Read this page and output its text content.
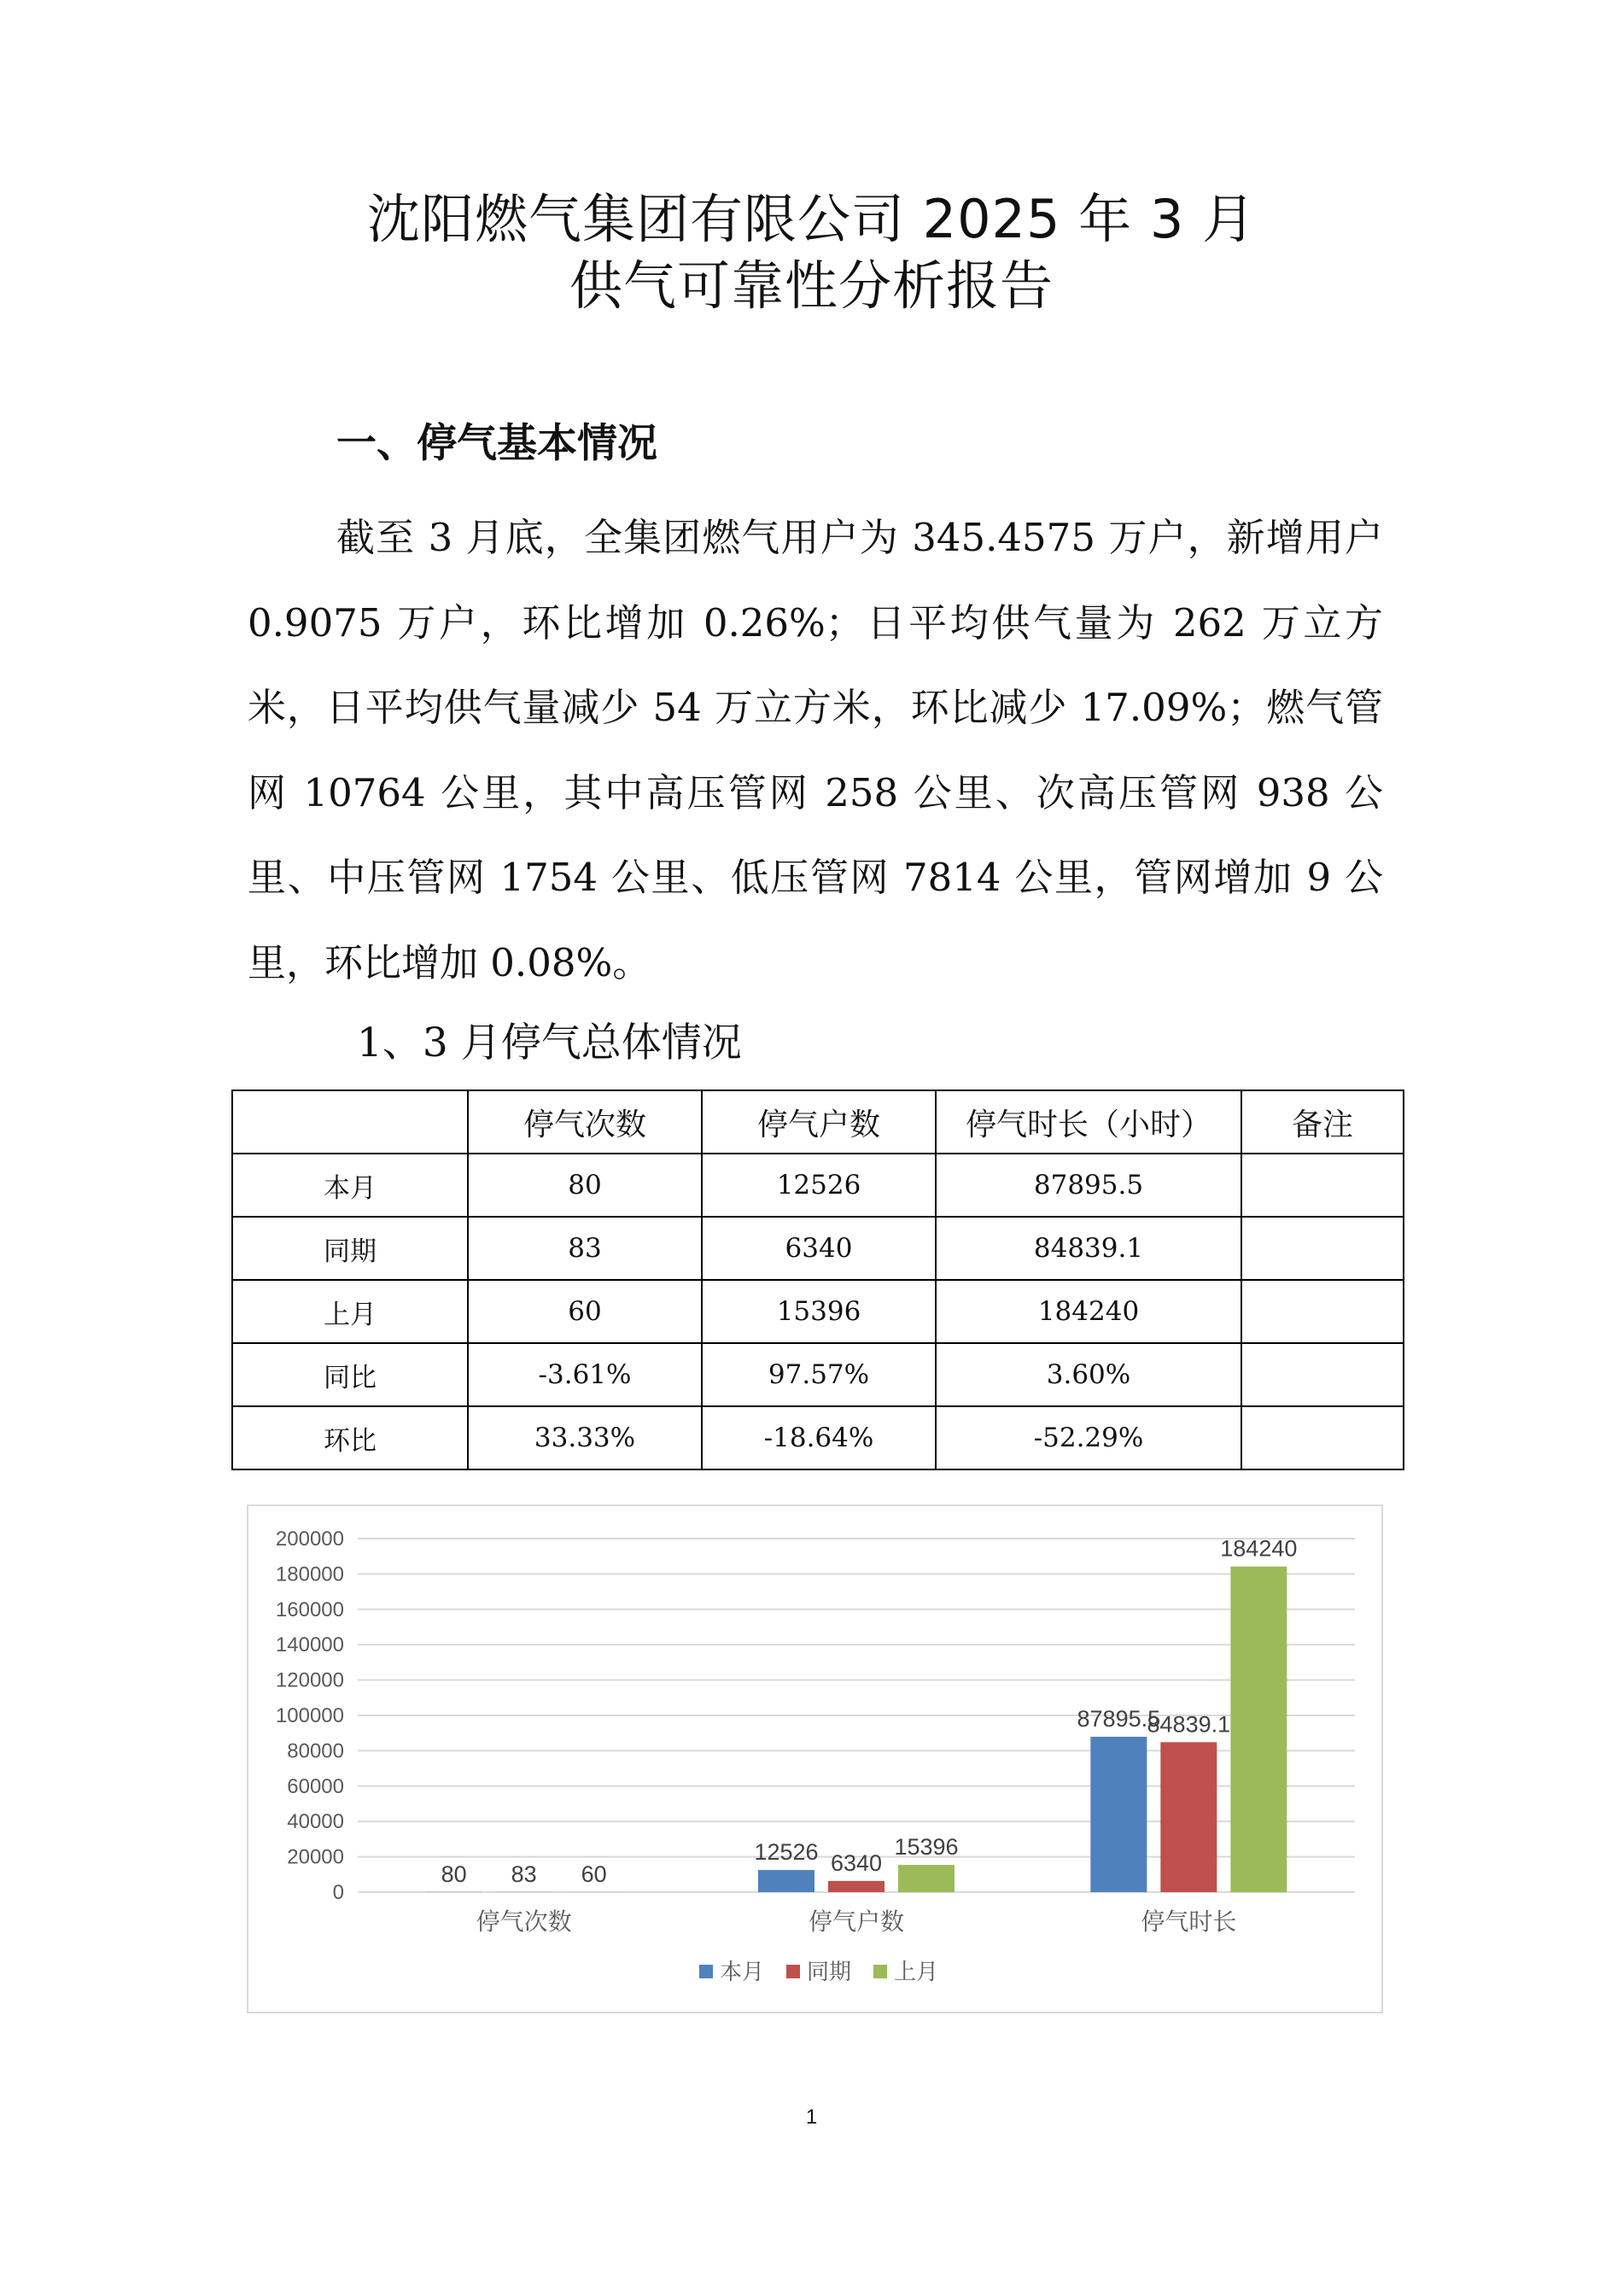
沈阳燃气集团有限公司 2025 年 3 月
供气可靠性分析报告
一、停气基本情况
截至 3 月底，全集团燃气用户为 345.4575 万户，新增用户 0.9075 万户，环比增加 0.26%；日平均供气量为 262 万立方米，日平均供气量减少 54 万立方米，环比减少 17.09%；燃气管网 10764 公里，其中高压管网 258 公里、次高压管网 938 公里、中压管网 1754 公里、低压管网 7814 公里，管网增加 9 公里，环比增加 0.08%。
1、3 月停气总体情况
	停气次数	停气户数	停气时长（小时）	备注
本月	80	12526	87895.5	
同期	83	6340	84839.1	
上月	60	15396	184240	
同比	-3.61%	97.57%	3.60%	
环比	33.33%	-18.64%	-52.29%	
0
20000
40000
60000
80000
100000
120000
140000
160000
180000
200000
80 83 60
停气次数
12526 6340
15396
停气户数
87895.5
84839.1
184240
停气时长
本月 同期 上月
1
